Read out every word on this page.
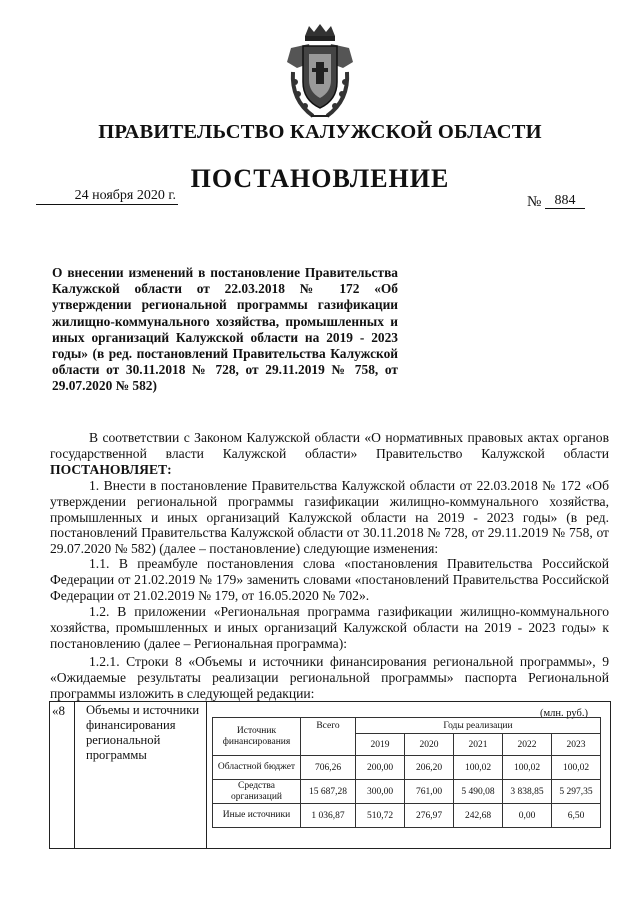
ПРАВИТЕЛЬСТВО КАЛУЖСКОЙ ОБЛАСТИ
ПОСТАНОВЛЕНИЕ
24 ноября 2020 г.	№ 884
О внесении изменений в постановление Правительства Калужской области от 22.03.2018 № 172 «Об утверждении региональной программы газификации жилищно-коммунального хозяйства, промышленных и иных организаций Калужской области на 2019 - 2023 годы» (в ред. постановлений Правительства Калужской области от 30.11.2018 № 728, от 29.11.2019 № 758, от 29.07.2020 № 582)
В соответствии с Законом Калужской области «О нормативных правовых актах органов государственной власти Калужской области» Правительство Калужской области ПОСТАНОВЛЯЕТ:
1. Внести в постановление Правительства Калужской области от 22.03.2018 № 172 «Об утверждении региональной программы газификации жилищно-коммунального хозяйства, промышленных и иных организаций Калужской области на 2019 - 2023 годы» (в ред. постановлений Правительства Калужской области от 30.11.2018 № 728, от 29.11.2019 № 758, от 29.07.2020 № 582) (далее – постановление) следующие изменения:
1.1. В преамбуле постановления слова «постановления Правительства Российской Федерации от 21.02.2019 № 179» заменить словами «постановлений Правительства Российской Федерации от 21.02.2019 № 179, от 16.05.2020 № 702».
1.2. В приложении «Региональная программа газификации жилищно-коммунального хозяйства, промышленных и иных организаций Калужской области на 2019 - 2023 годы» к постановлению (далее – Региональная программа):
1.2.1. Строки 8 «Объемы и источники финансирования региональной программы», 9 «Ожидаемые результаты реализации региональной программы» паспорта Региональной программы изложить в следующей редакции:
«8 Объемы и источники финансирования региональной программы
(млн. руб.)
Источник финансирования	Всего	Годы реализации				
		2019	2020	2021	2022	2023
Областной бюджет	706,26	200,00	206,20	100,02	100,02	100,02
Средства организаций	15 687,28	300,00	761,00	5 490,08	3 838,85	5 297,35
Иные источники	1 036,87	510,72	276,97	242,68	0,00	6,50
